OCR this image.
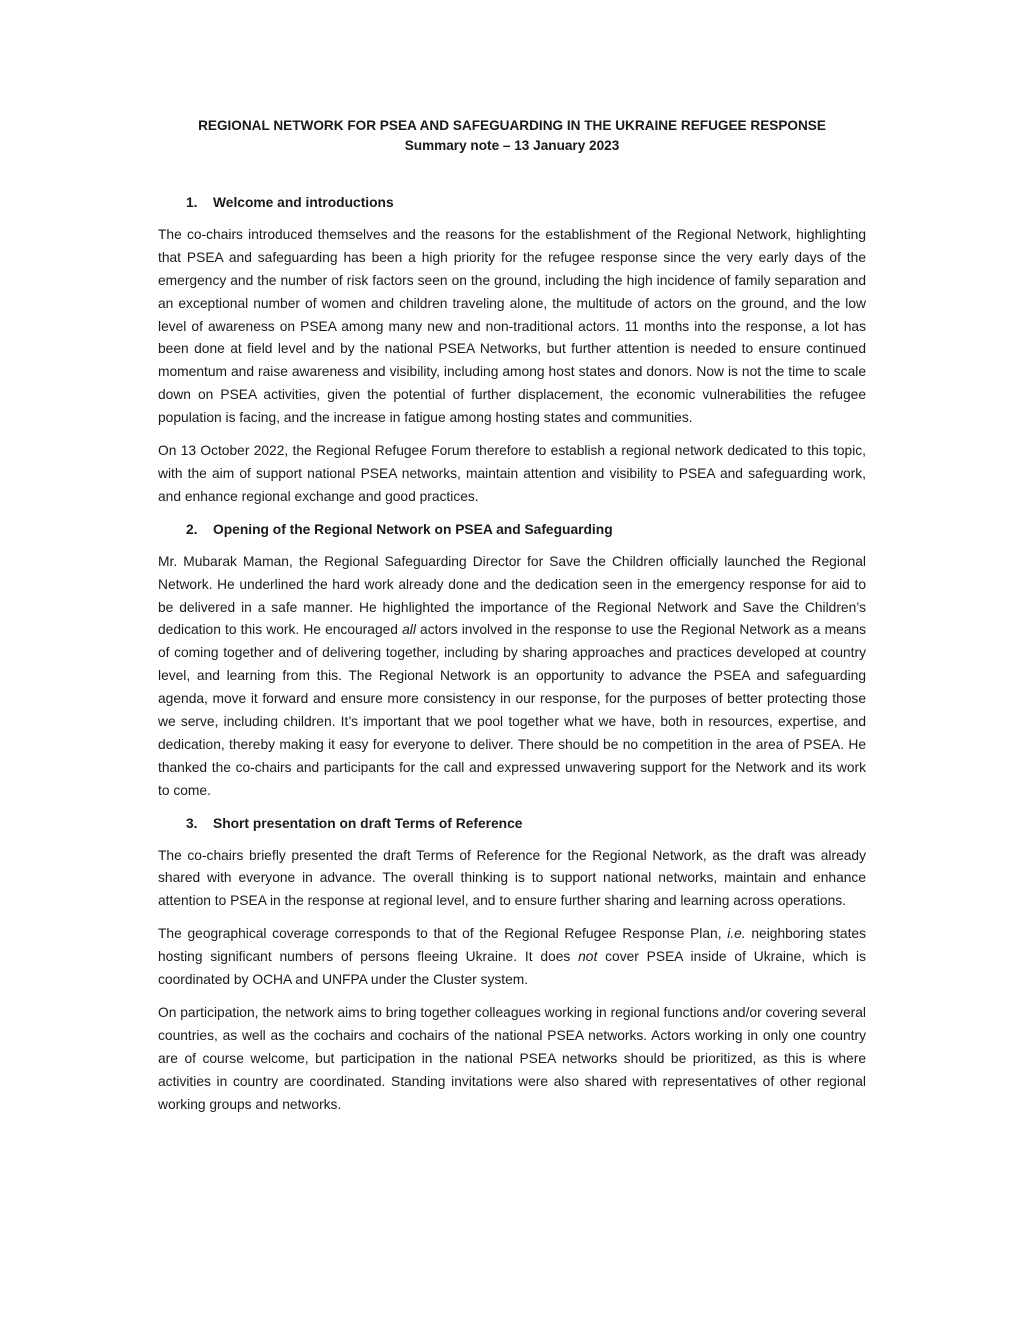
REGIONAL NETWORK FOR PSEA AND SAFEGUARDING IN THE UKRAINE REFUGEE RESPONSE
Summary note – 13 January 2023
1.	Welcome and introductions

The co-chairs introduced themselves and the reasons for the establishment of the Regional Network, highlighting that PSEA and safeguarding has been a high priority for the refugee response since the very early days of the emergency and the number of risk factors seen on the ground, including the high incidence of family separation and an exceptional number of women and children traveling alone, the multitude of actors on the ground, and the low level of awareness on PSEA among many new and non-traditional actors. 11 months into the response, a lot has been done at field level and by the national PSEA Networks, but further attention is needed to ensure continued momentum and raise awareness and visibility, including among host states and donors. Now is not the time to scale down on PSEA activities, given the potential of further displacement, the economic vulnerabilities the refugee population is facing, and the increase in fatigue among hosting states and communities.

On 13 October 2022, the Regional Refugee Forum therefore to establish a regional network dedicated to this topic, with the aim of support national PSEA networks, maintain attention and visibility to PSEA and safeguarding work, and enhance regional exchange and good practices.

2.	Opening of the Regional Network on PSEA and Safeguarding

Mr. Mubarak Maman, the Regional Safeguarding Director for Save the Children officially launched the Regional Network. He underlined the hard work already done and the dedication seen in the emergency response for aid to be delivered in a safe manner. He highlighted the importance of the Regional Network and Save the Children’s dedication to this work. He encouraged all actors involved in the response to use the Regional Network as a means of coming together and of delivering together, including by sharing approaches and practices developed at country level, and learning from this. The Regional Network is an opportunity to advance the PSEA and safeguarding agenda, move it forward and ensure more consistency in our response, for the purposes of better protecting those we serve, including children. It’s important that we pool together what we have, both in resources, expertise, and dedication, thereby making it easy for everyone to deliver. There should be no competition in the area of PSEA. He thanked the co-chairs and participants for the call and expressed unwavering support for the Network and its work to come.

3.	Short presentation on draft Terms of Reference

The co-chairs briefly presented the draft Terms of Reference for the Regional Network, as the draft was already shared with everyone in advance. The overall thinking is to support national networks, maintain and enhance attention to PSEA in the response at regional level, and to ensure further sharing and learning across operations.

The geographical coverage corresponds to that of the Regional Refugee Response Plan, i.e. neighboring states hosting significant numbers of persons fleeing Ukraine. It does not cover PSEA inside of Ukraine, which is coordinated by OCHA and UNFPA under the Cluster system.

On participation, the network aims to bring together colleagues working in regional functions and/or covering several countries, as well as the cochairs and cochairs of the national PSEA networks. Actors working in only one country are of course welcome, but participation in the national PSEA networks should be prioritized, as this is where activities in country are coordinated. Standing invitations were also shared with representatives of other regional working groups and networks.
